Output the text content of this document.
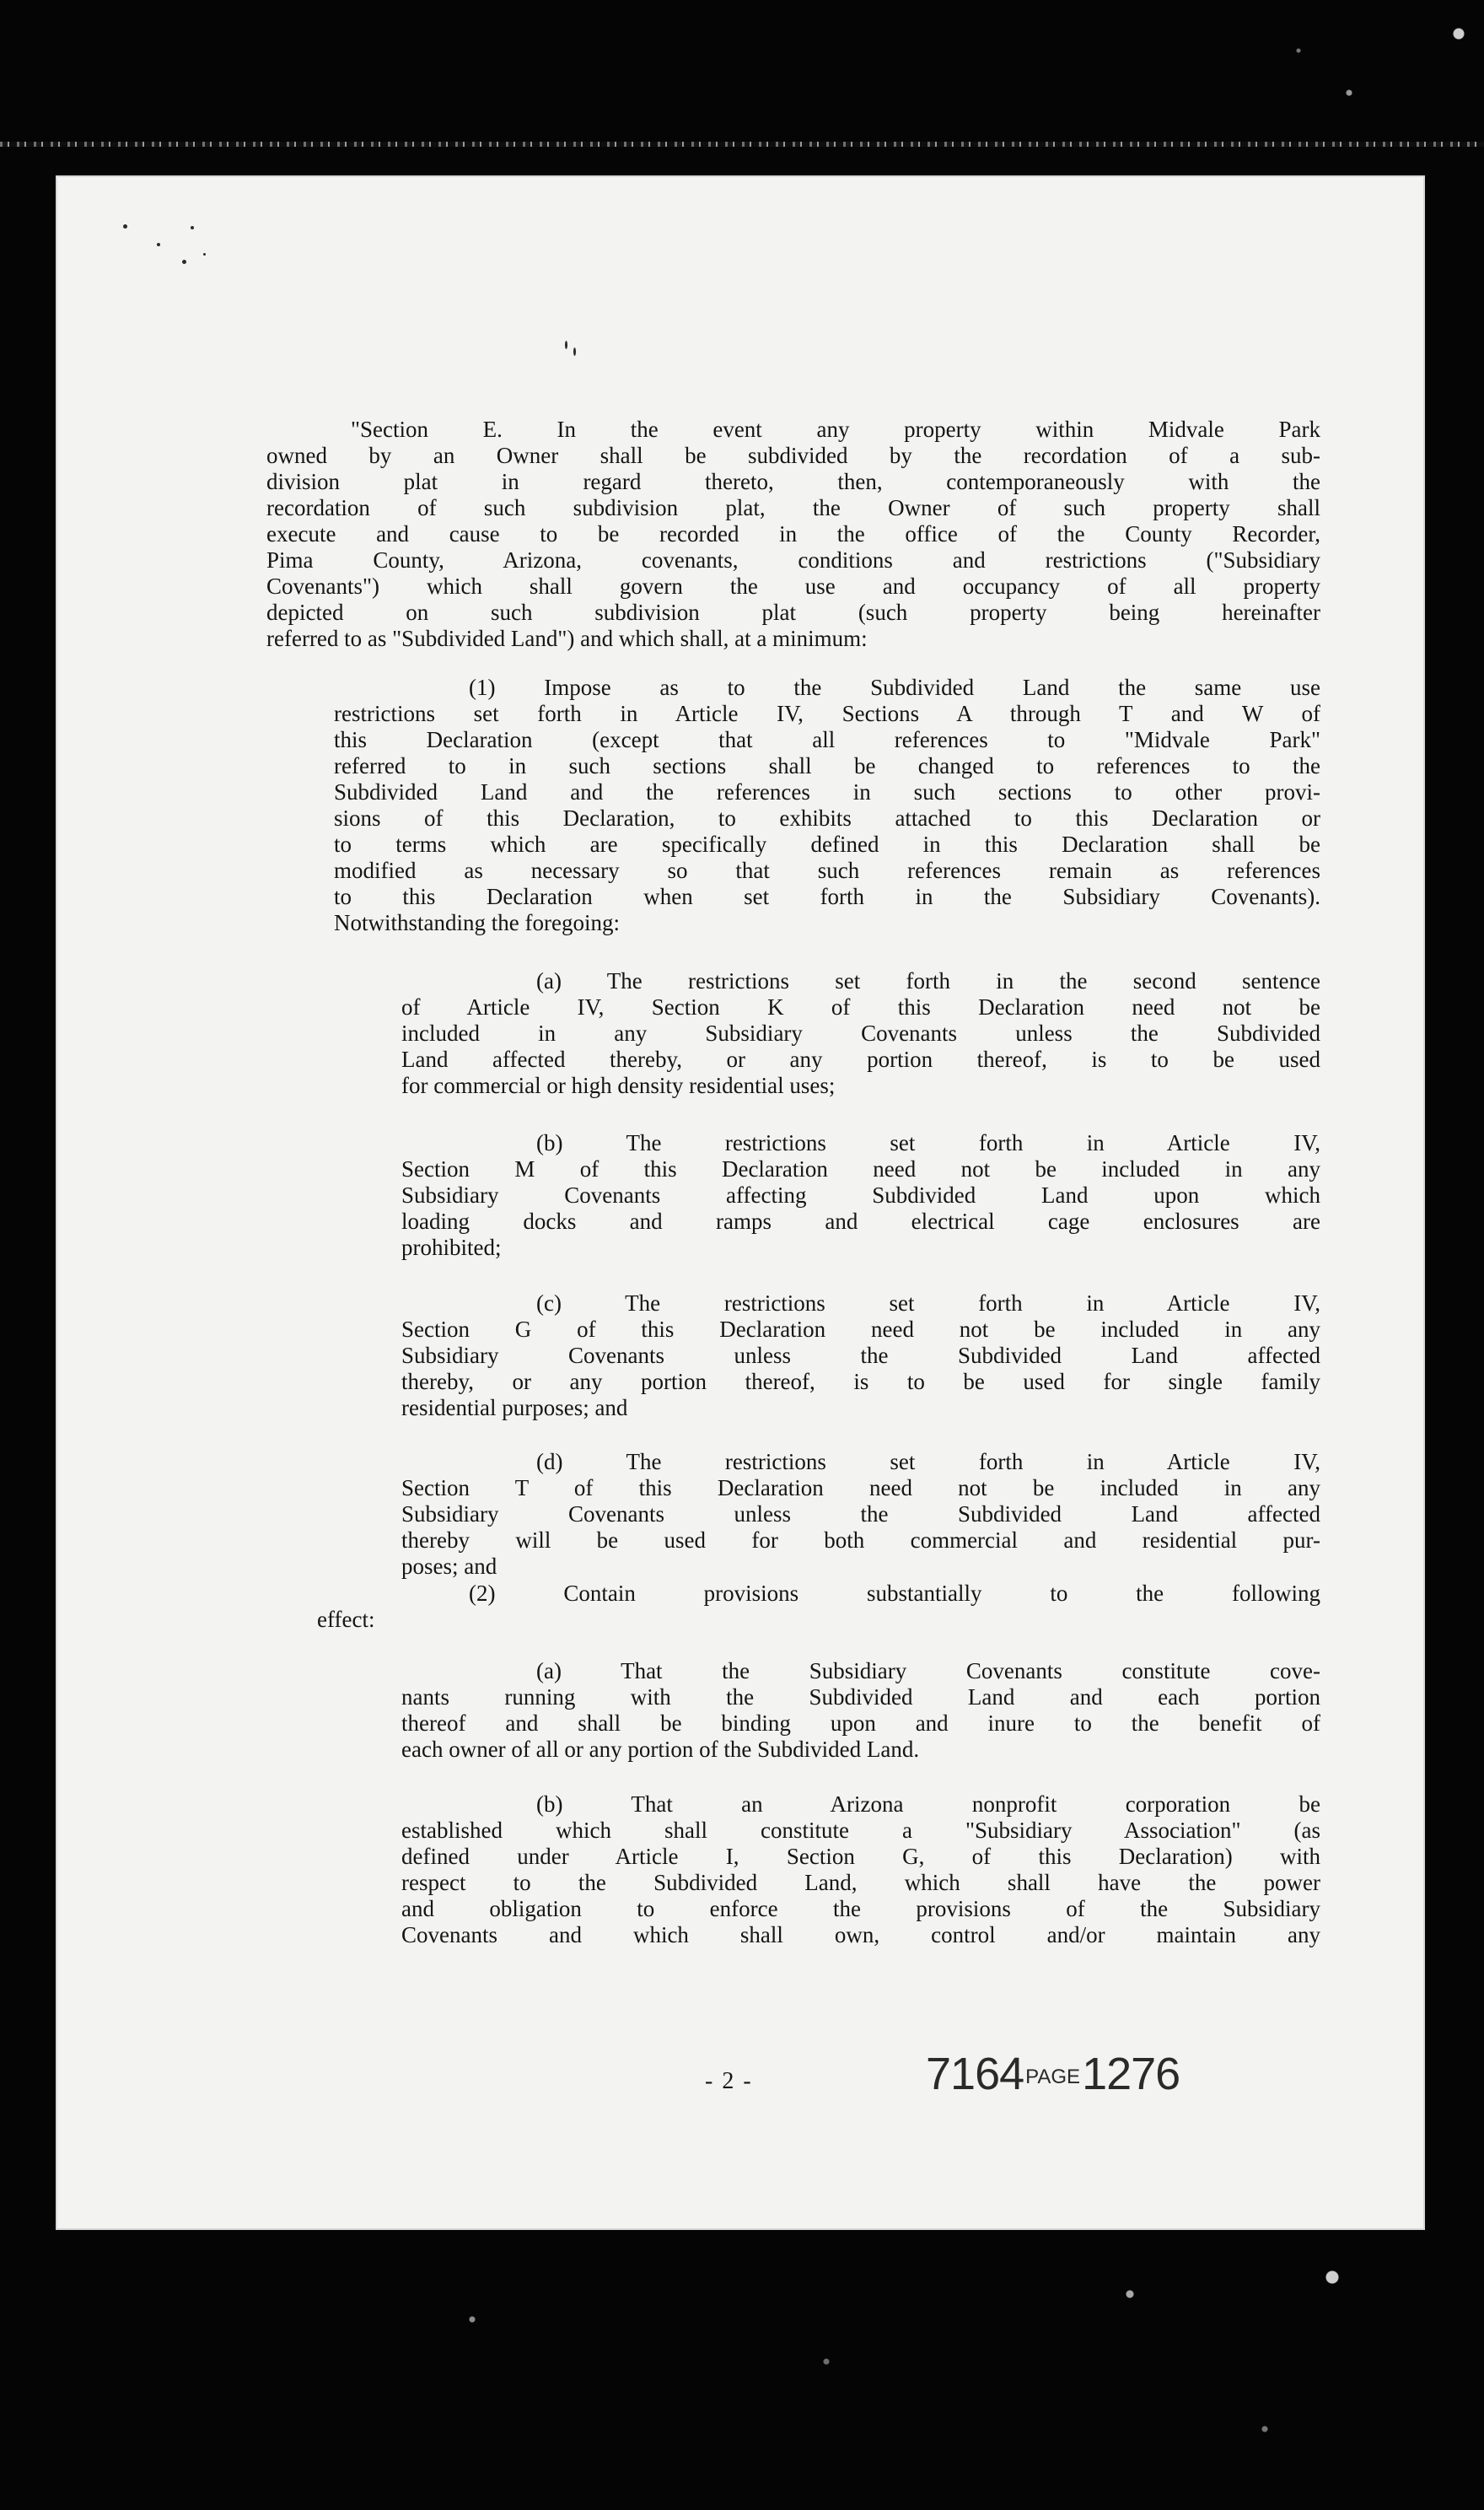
"Section E. In the event any property within Midvale Park
owned by an Owner shall be subdivided by the recordation of a sub-
division plat in regard thereto, then, contemporaneously with the
recordation of such subdivision plat, the Owner of such property shall
execute and cause to be recorded in the office of the County Recorder,
Pima County, Arizona, covenants, conditions and restrictions ("Subsidiary
Covenants") which shall govern the use and occupancy of all property
depicted on such subdivision plat (such property being hereinafter
referred to as "Subdivided Land") and which shall, at a minimum:
(1) Impose as to the Subdivided Land the same use
restrictions set forth in Article IV, Sections A through T and W of
this Declaration (except that all references to "Midvale Park"
referred to in such sections shall be changed to references to the
Subdivided Land and the references in such sections to other provi-
sions of this Declaration, to exhibits attached to this Declaration or
to terms which are specifically defined in this Declaration shall be
modified as necessary so that such references remain as references
to this Declaration when set forth in the Subsidiary Covenants).
Notwithstanding the foregoing:
(a) The restrictions set forth in the second sentence
of Article IV, Section K of this Declaration need not be
included in any Subsidiary Covenants unless the Subdivided
Land affected thereby, or any portion thereof, is to be used
for commercial or high density residential uses;
(b) The restrictions set forth in Article IV,
Section M of this Declaration need not be included in any
Subsidiary Covenants affecting Subdivided Land upon which
loading docks and ramps and electrical cage enclosures are
prohibited;
(c) The restrictions set forth in Article IV,
Section G of this Declaration need not be included in any
Subsidiary Covenants unless the Subdivided Land affected
thereby, or any portion thereof, is to be used for single family
residential purposes; and
(d) The restrictions set forth in Article IV,
Section T of this Declaration need not be included in any
Subsidiary Covenants unless the Subdivided Land affected
thereby will be used for both commercial and residential pur-
poses; and
(2) Contain provisions substantially to the following
effect:
(a) That the Subsidiary Covenants constitute cove-
nants running with the Subdivided Land and each portion
thereof and shall be binding upon and inure to the benefit of
each owner of all or any portion of the Subdivided Land.
(b) That an Arizona nonprofit corporation be
established which shall constitute a "Subsidiary Association" (as
defined under Article I, Section G, of this Declaration) with
respect to the Subdivided Land, which shall have the power
and obligation to enforce the provisions of the Subsidiary
Covenants and which shall own, control and/or maintain any
7164PAGE1276
- 2 -
